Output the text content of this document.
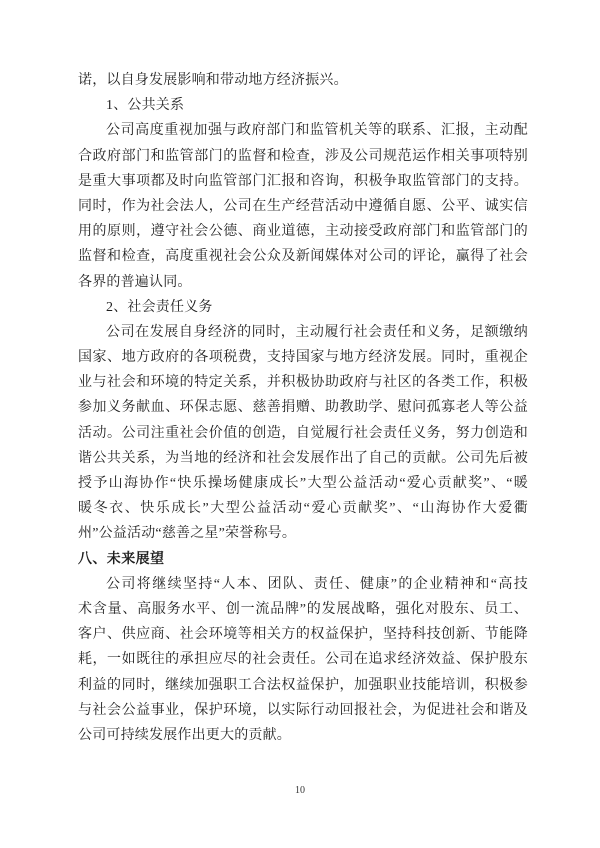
诺，以自身发展影响和带动地方经济振兴。
1、公共关系
公司高度重视加强与政府部门和监管机关等的联系、汇报，主动配
合政府部门和监管部门的监督和检查，涉及公司规范运作相关事项特别
是重大事项都及时向监管部门汇报和咨询，积极争取监管部门的支持。
同时，作为社会法人，公司在生产经营活动中遵循自愿、公平、诚实信
用的原则，遵守社会公德、商业道德，主动接受政府部门和监管部门的
监督和检查，高度重视社会公众及新闻媒体对公司的评论，赢得了社会
各界的普遍认同。
2、社会责任义务
公司在发展自身经济的同时，主动履行社会责任和义务，足额缴纳
国家、地方政府的各项税费，支持国家与地方经济发展。同时，重视企
业与社会和环境的特定关系，并积极协助政府与社区的各类工作，积极
参加义务献血、环保志愿、慈善捐赠、助教助学、慰问孤寡老人等公益
活动。公司注重社会价值的创造，自觉履行社会责任义务，努力创造和
谐公共关系，为当地的经济和社会发展作出了自己的贡献。公司先后被
授予山海协作“快乐操场健康成长”大型公益活动“爱心贡献奖”、“暖
暖冬衣、快乐成长”大型公益活动“爱心贡献奖”、“山海协作大爱衢
州”公益活动“慈善之星”荣誉称号。
八、未来展望
公司将继续坚持“人本、团队、责任、健康”的企业精神和“高技
术含量、高服务水平、创一流品牌”的发展战略，强化对股东、员工、
客户、供应商、社会环境等相关方的权益保护，坚持科技创新、节能降
耗，一如既往的承担应尽的社会责任。公司在追求经济效益、保护股东
利益的同时，继续加强职工合法权益保护，加强职业技能培训，积极参
与社会公益事业，保护环境，以实际行动回报社会，为促进社会和谐及
公司可持续发展作出更大的贡献。
10
